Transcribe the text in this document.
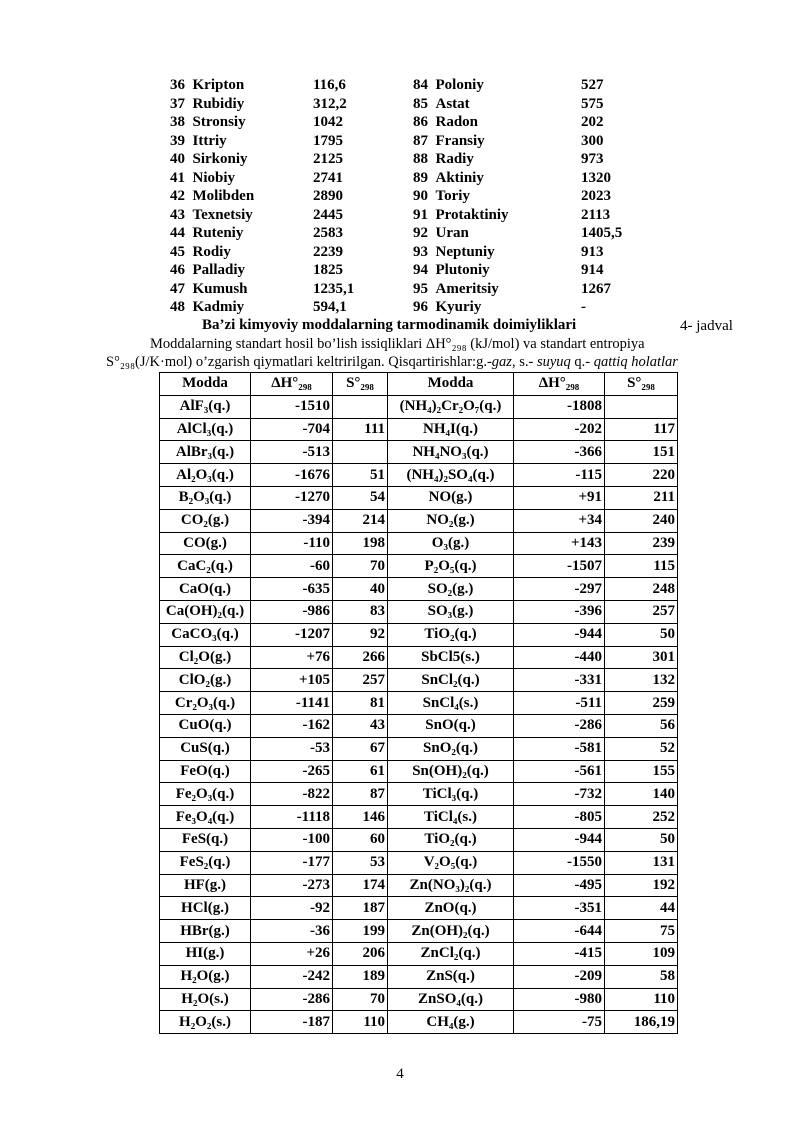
36 Kripton	116,6	84 Poloniy	527
37 Rubidiy	312,2	85 Astat	575
38 Stronsiy	1042	86 Radon	202
39 Ittriy	1795	87 Fransiy	300
40 Sirkoniy	2125	88 Radiy	973
41 Niobiy	2741	89 Aktiniy	1320
42 Molibden	2890	90 Toriy	2023
43 Texnetsiy	2445	91 Protaktiniy	2113
44 Ruteniy	2583	92 Uran	1405,5
45 Rodiy	2239	93 Neptuniy	913
46 Palladiy	1825	94 Plutoniy	914
47 Kumush	1235,1	95 Ameritsiy	1267
48 Kadmiy	594,1	96 Kyuriy	-
Ba’zi kimyoviy moddalarning tarmodinamik doimiyliklari	4- jadval
Moddalarning standart hosil bo’lish issiqliklari ΔH°₂₉₈ (kJ/mol) va standart entropiya
S°₂₉₈(J/K·mol) o’zgarish qiymatlari keltririlgan. Qisqartirishlar:g.-gaz, s.- suyuq q.- qattiq holatlar
Modda	ΔH°₂₉₈	S°₂₉₈	Modda	ΔH°₂₉₈	S°₂₉₈
AlF₃(q.)	-1510		(NH₄)₂Cr₂O₇(q.)	-1808	
AlCl₃(q.)	-704	111	NH₄I(q.)	-202	117
AlBr₃(q.)	-513		NH₄NO₃(q.)	-366	151
Al₂O₃(q.)	-1676	51	(NH₄)₂SO₄(q.)	-115	220
B₂O₃(q.)	-1270	54	NO(g.)	+91	211
CO₂(g.)	-394	214	NO₂(g.)	+34	240
CO(g.)	-110	198	O₃(g.)	+143	239
CaC₂(q.)	-60	70	P₂O₅(q.)	-1507	115
CaO(q.)	-635	40	SO₂(g.)	-297	248
Ca(OH)₂(q.)	-986	83	SO₃(g.)	-396	257
CaCO₃(q.)	-1207	92	TiO₂(q.)	-944	50
Cl₂O(g.)	+76	266	SbCl5(s.)	-440	301
ClO₂(g.)	+105	257	SnCl₂(q.)	-331	132
Cr₂O₃(q.)	-1141	81	SnCl₄(s.)	-511	259
CuO(q.)	-162	43	SnO(q.)	-286	56
CuS(q.)	-53	67	SnO₂(q.)	-581	52
FeO(q.)	-265	61	Sn(OH)₂(q.)	-561	155
Fe₂O₃(q.)	-822	87	TiCl₃(q.)	-732	140
Fe₃O₄(q.)	-1118	146	TiCl₄(s.)	-805	252
FeS(q.)	-100	60	TiO₂(q.)	-944	50
FeS₂(q.)	-177	53	V₂O₅(q.)	-1550	131
HF(g.)	-273	174	Zn(NO₃)₂(q.)	-495	192
HCl(g.)	-92	187	ZnO(q.)	-351	44
HBr(g.)	-36	199	Zn(OH)₂(q.)	-644	75
HI(g.)	+26	206	ZnCl₂(q.)	-415	109
H₂O(g.)	-242	189	ZnS(q.)	-209	58
H₂O(s.)	-286	70	ZnSO₄(q.)	-980	110
H₂O₂(s.)	-187	110	CH₄(g.)	-75	186,19
4
